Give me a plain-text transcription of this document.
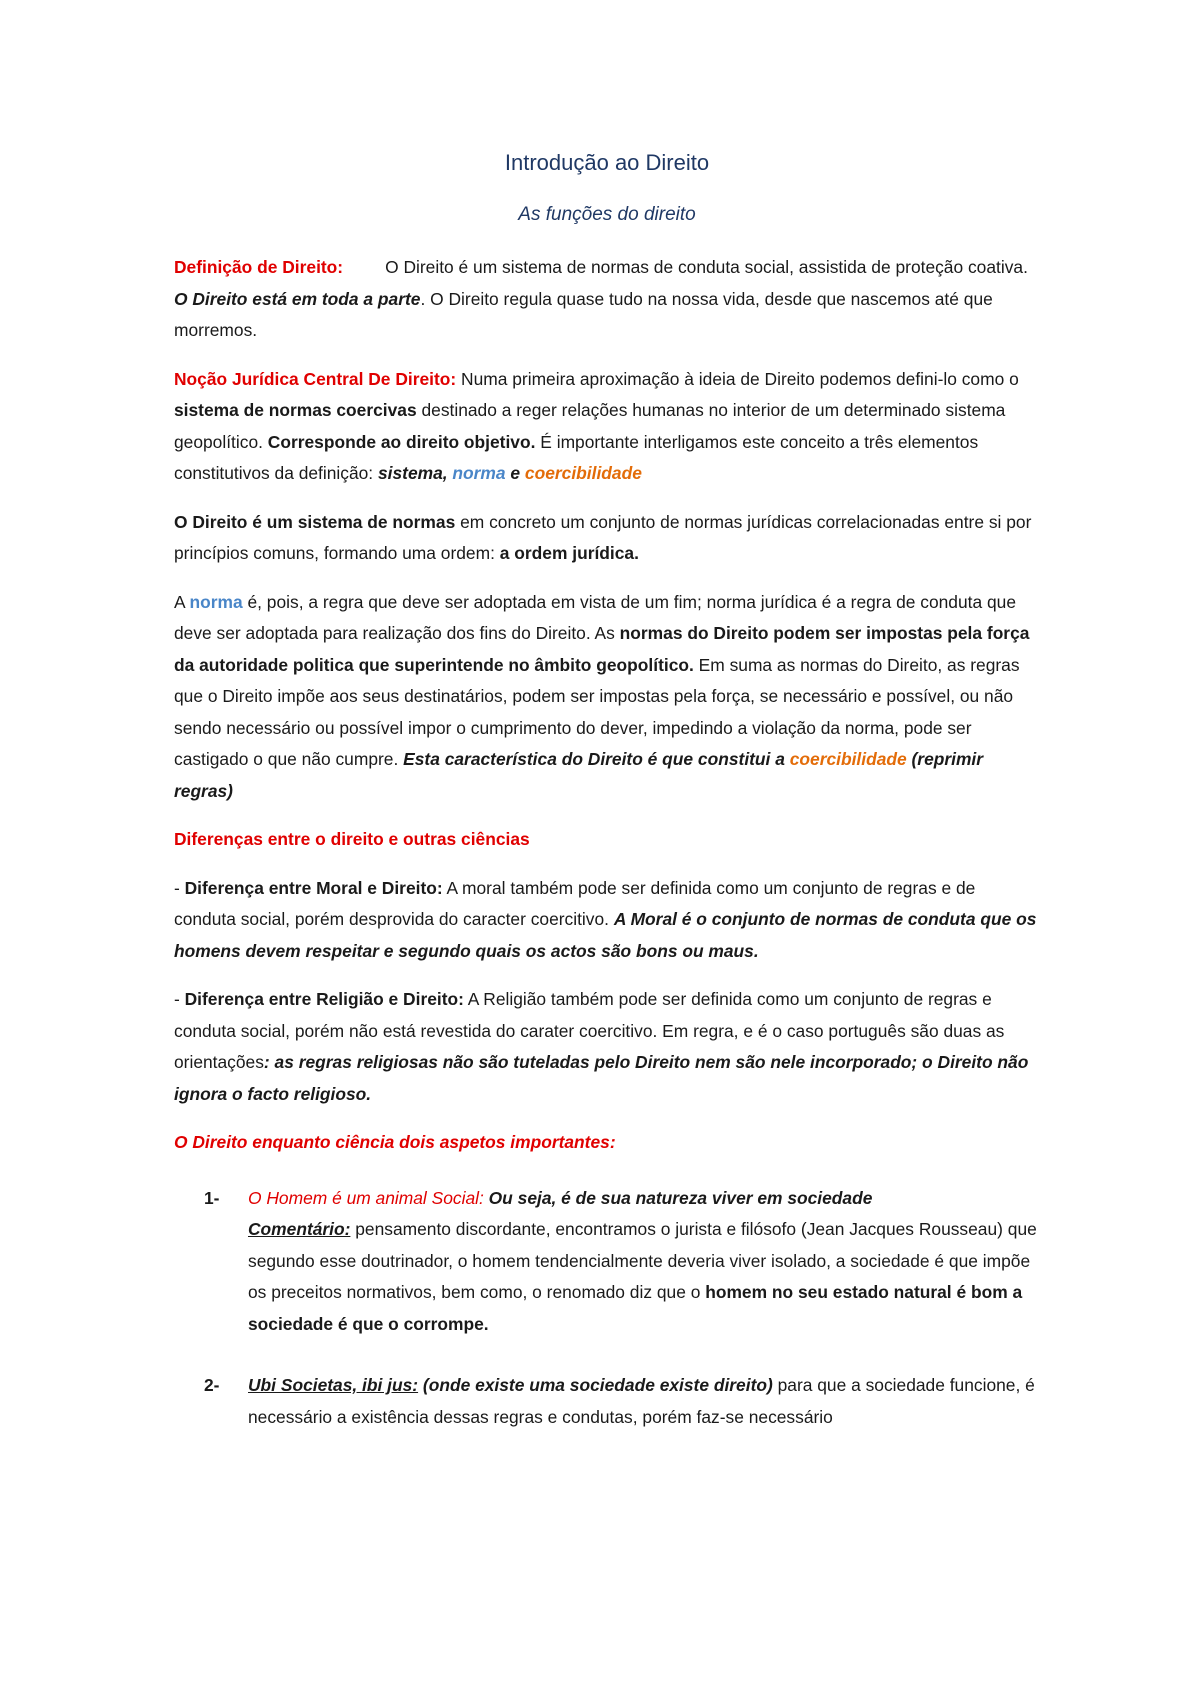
Introdução ao Direito
As funções do direito

Definição de Direito: O Direito é um sistema de normas de conduta social, assistida de proteção coativa. O Direito está em toda a parte. O Direito regula quase tudo na nossa vida, desde que nascemos até que morremos.

Noção Jurídica Central De Direito: Numa primeira aproximação à ideia de Direito podemos defini-lo como o sistema de normas coercivas destinado a reger relações humanas no interior de um determinado sistema geopolítico. Corresponde ao direito objetivo. É importante interligamos este conceito a três elementos constitutivos da definição: sistema, norma e coercibilidade

O Direito é um sistema de normas em concreto um conjunto de normas jurídicas correlacionadas entre si por princípios comuns, formando uma ordem: a ordem jurídica.

A norma é, pois, a regra que deve ser adoptada em vista de um fim; norma jurídica é a regra de conduta que deve ser adoptada para realização dos fins do Direito. As normas do Direito podem ser impostas pela força da autoridade politica que superintende no âmbito geopolítico. Em suma as normas do Direito, as regras que o Direito impõe aos seus destinatários, podem ser impostas pela força, se necessário e possível, ou não sendo necessário ou possível impor o cumprimento do dever, impedindo a violação da norma, pode ser castigado o que não cumpre. Esta característica do Direito é que constitui a coercibilidade (reprimir regras)

Diferenças entre o direito e outras ciências

- Diferença entre Moral e Direito: A moral também pode ser definida como um conjunto de regras e de conduta social, porém desprovida do caracter coercitivo. A Moral é o conjunto de normas de conduta que os homens devem respeitar e segundo quais os actos são bons ou maus.

- Diferença entre Religião e Direito: A Religião também pode ser definida como um conjunto de regras e conduta social, porém não está revestida do carater coercitivo. Em regra, e é o caso português são duas as orientações: as regras religiosas não são tuteladas pelo Direito nem são nele incorporado; o Direito não ignora o facto religioso.

O Direito enquanto ciência dois aspetos importantes:

1- O Homem é um animal Social: Ou seja, é de sua natureza viver em sociedade
Comentário: pensamento discordante, encontramos o jurista e filósofo (Jean Jacques Rousseau) que segundo esse doutrinador, o homem tendencialmente deveria viver isolado, a sociedade é que impõe os preceitos normativos, bem como, o renomado diz que o homem no seu estado natural é bom a sociedade é que o corrompe.
2- Ubi Societas, ibi jus: (onde existe uma sociedade existe direito) para que a sociedade funcione, é necessário a existência dessas regras e condutas, porém faz-se necessário
